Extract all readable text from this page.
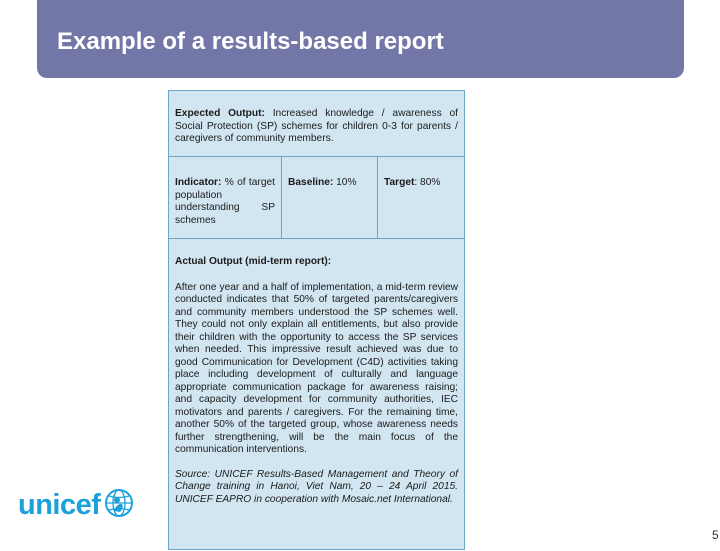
Example of a results-based report
Expected Output: Increased knowledge / awareness of Social Protection (SP) schemes for children 0-3 for parents / caregivers of community members.
Indicator: % of target population understanding SP schemes
Baseline: 10%	Target: 80%
Actual Output (mid-term report):
After one year and a half of implementation, a mid-term review conducted indicates that 50% of targeted parents/caregivers and community members understood the SP schemes well. They could not only explain all entitlements, but also provide their children with the opportunity to access the SP services when needed. This impressive result achieved was due to good Communication for Development (C4D) activities taking place including development of culturally and language appropriate communication package for awareness raising; and capacity development for community authorities, IEC motivators and parents / caregivers. For the remaining time, another 50% of the targeted group, whose awareness needs further strengthening, will be the main focus of the communication interventions.
Source: UNICEF Results-Based Management and Theory of Change training in Hanoi, Viet Nam, 20 – 24 April 2015. UNICEF EAPRO in cooperation with Mosaic.net International.
unicef
5
